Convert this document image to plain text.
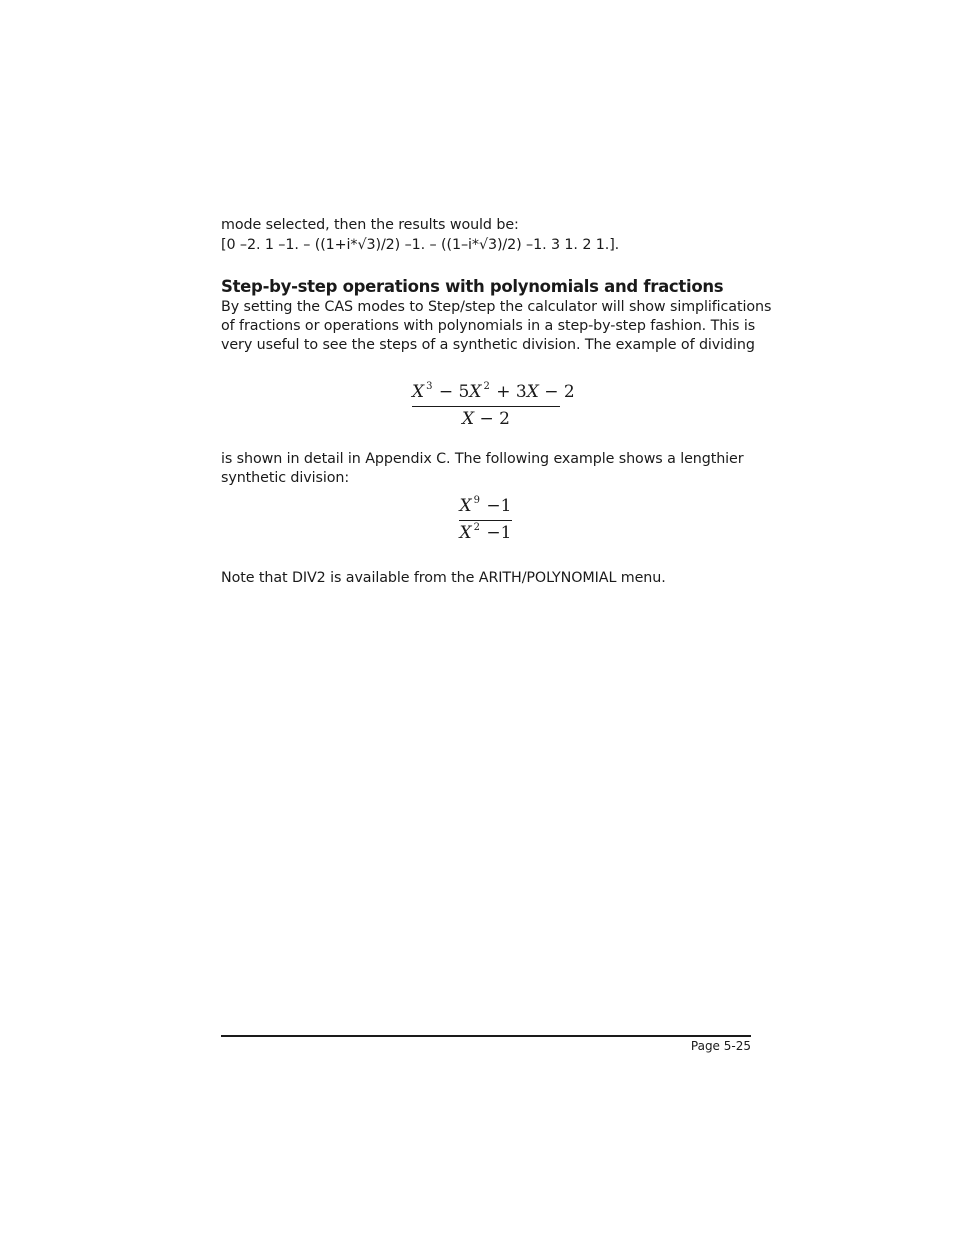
mode selected, then the results would be:
[0 –2. 1 –1. – ((1+i*√3)/2) –1. – ((1–i*√3)/2) –1. 3 1. 2 1.].
Step-by-step operations with polynomials and fractions
By setting the CAS modes to Step/step the calculator will show simplifications
of fractions or operations with polynomials in a step-by-step fashion. This is
very useful to see the steps of a synthetic division. The example of dividing
X $^3$ − 5X $^2$ + 3X − 2
X − 2
is shown in detail in Appendix C. The following example shows a lengthier
synthetic division:
X $^9$ −1
X $^2$ −1
Note that DIV2 is available from the ARITH/POLYNOMIAL menu.
Page 5-25
